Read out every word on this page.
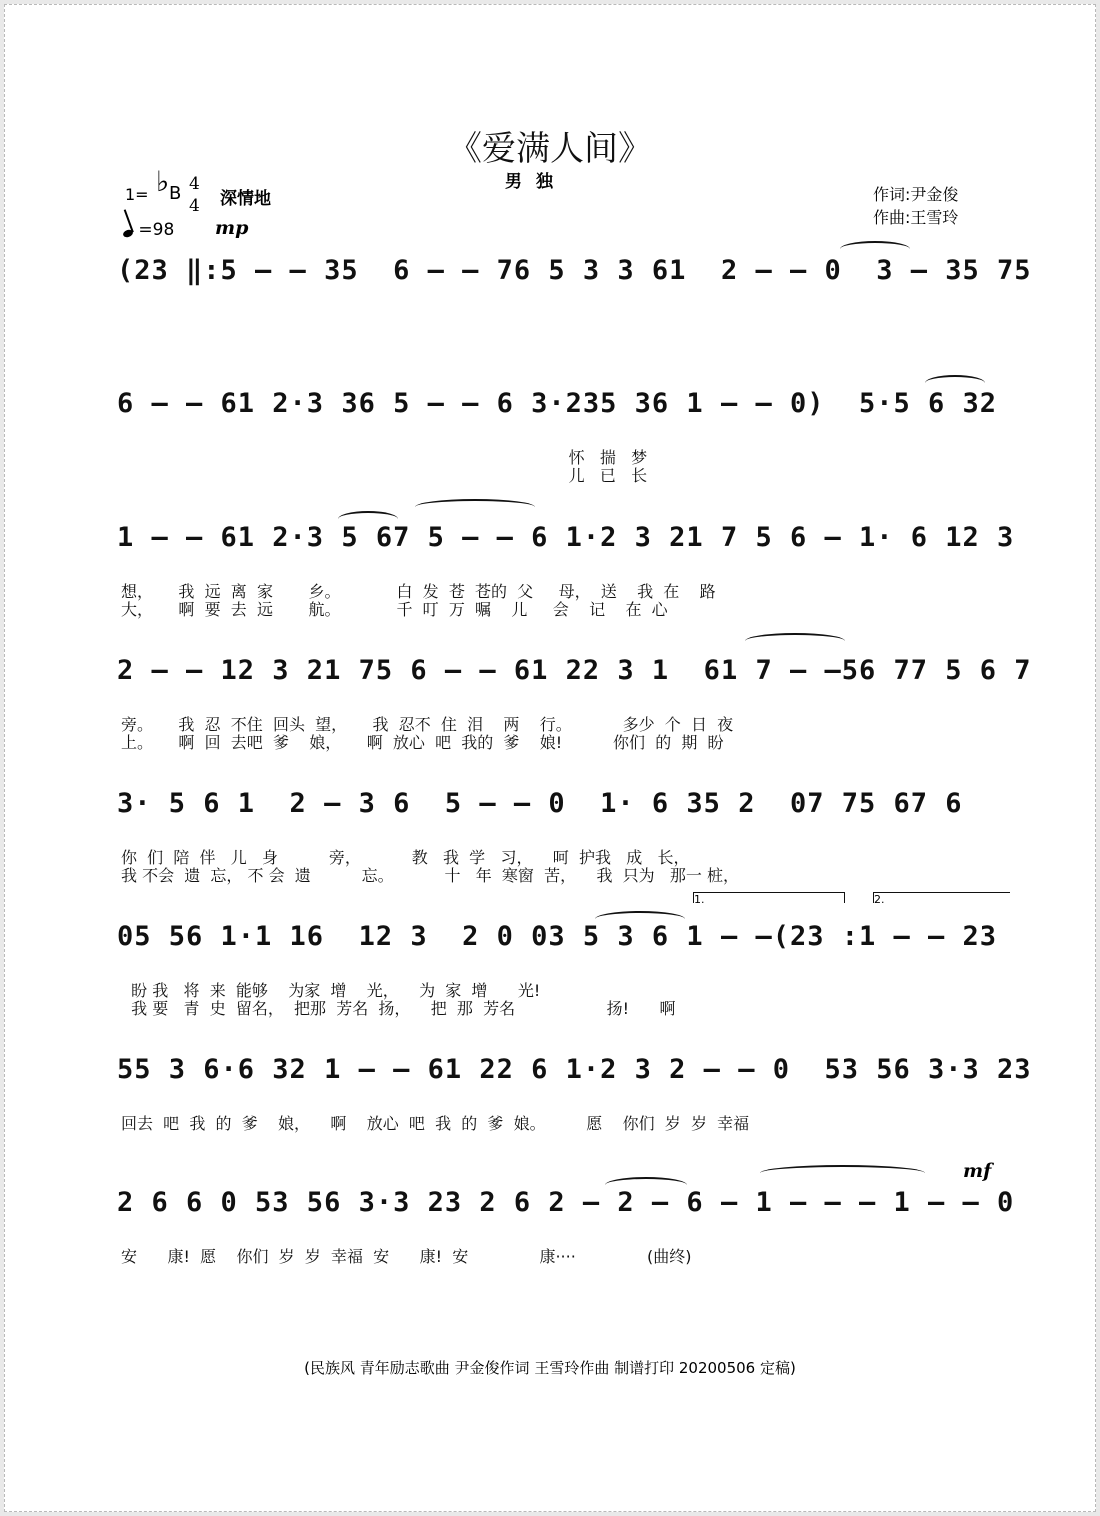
《爱满人间》
男独
1= ♭ B 4
4 深情地
=98 mp
mf
作词:尹金俊
作曲:王雪玲
(23 ‖:5 – – 35  6 – – 76 5 3 3 61  2 – – 0  3 – 35 75
6 – – 61 2·3 36 5 – – 6 3·235 36 1 – – 0)  5·5 6 32
怀   揣   梦
儿   已   长
1 – – 61 2·3 5 67 5 – – 6 1·2 3 21 7 5 6 – 1· 6 12 3
想，     我  远  离  家       乡。           白  发  苍  苍的  父     母，  送    我  在    路
大，     啊  要  去  远       航。           千  叮  万  嘱    儿     会    记    在  心
2 – – 12 3 21 75 6 – – 61 22 3 1  61 7 – –56 77 5 6 7
旁。     我  忍  不住  回头  望，     我  忍不  住  泪    两    行。          多少  个  日  夜
上。     啊  回  去吧  爹    娘，     啊  放心  吧  我的  爹    娘!          你们  的  期  盼
3· 5 6 1  2 – 3 6  5 – – 0  1· 6 35 2  07 75 67 6
你  们  陪  伴   儿   身          旁，          教   我  学   习，    呵  护我   成   长，
我 不会  遗  忘， 不 会  遗          忘。          十   年  寒窗  苦，    我  只为   那一 桩，
1.	2.
05 56 1·1 16  12 3  2 0 03 5 3 6 1 – –(23 :1 – – 23
盼 我   将  来  能够    为家  增    光，    为  家  增      光!
我 要   青  史  留名，  把那  芳名  扬，    把  那  芳名                  扬!      啊
55 3 6·6 32 1 – – 61 22 6 1·2 3 2 – – 0  53 56 3·3 23
回去  吧  我  的  爹    娘，    啊    放心  吧  我  的  爹  娘。        愿    你们  岁  岁  幸福
2 6 6 0 53 56 3·3 23 2 6 2 – 2 – 6 – 1 – – – 1 – – 0
安      康!  愿    你们  岁  岁  幸福  安      康!  安              康····              (曲终)
(民族风 青年励志歌曲 尹金俊作词 王雪玲作曲 制谱打印 20200506 定稿)
